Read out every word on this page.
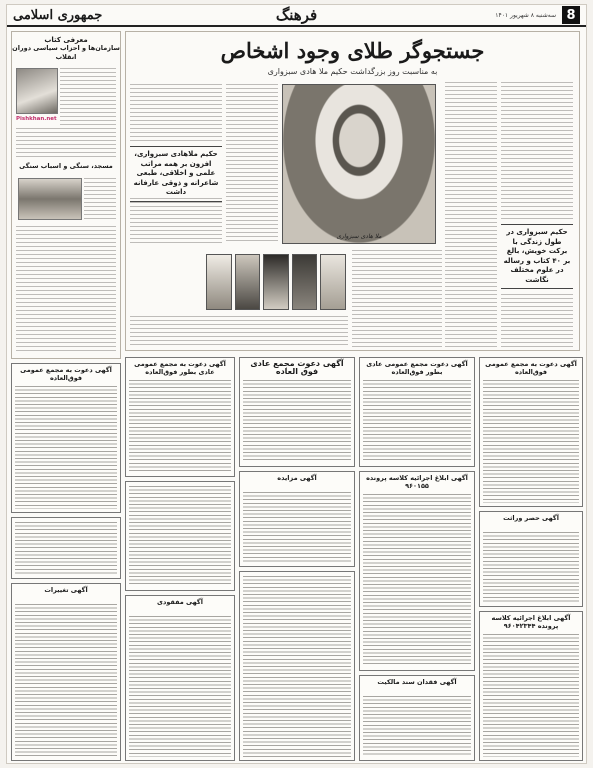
8
سه‌شنبه ۸ شهریور ۱۴۰۱
فرهنگ
جمهوری اسلامی
جستجوگر طلای وجود اشخاص
به مناسبت روز بزرگداشت حکیم ملا هادی سبزواری
حکیم سبزواری در طول زندگی با برکت خویش، بالغ بر ۴۰ کتاب و رساله در علوم مختلف نگاشت
ملا هادی سبزواری
حکیم ملاهادی سبزواری، افزون بر همه مراتب علمی و اخلاقی، طبعی شاعرانه و ذوقی عارفانه داشت
معرفی کتاب
سازمان‌ها و احزاب سیاسی دوران انقلاب
Pishkhan.net
مسجد، سنگی و اسباب سنگی
آگهی دعوت به مجمع عمومی فوق‌العاده
آگهی دعوت مجمع عمومی عادی بطور فوق‌العاده
آگهی دعوت مجمع عادی فوق العاده
آگهی دعوت به مجمع عمومی عادی بطور فوق‌العاده
آگهی دعوت به مجمع عمومی فوق‌العاده
آگهی ابلاغ اجرائیه کلاسه پرونده ۹۶۰۱۵۵
آگهی مزایده
آگهی حصر وراثت
آگهی ابلاغ اجرائیه کلاسه پرونده ۹۶۰۴۲۳۴۴
آگهی فقدان سند مالکیت
آگهی مفقودی
آگهی تغییرات
